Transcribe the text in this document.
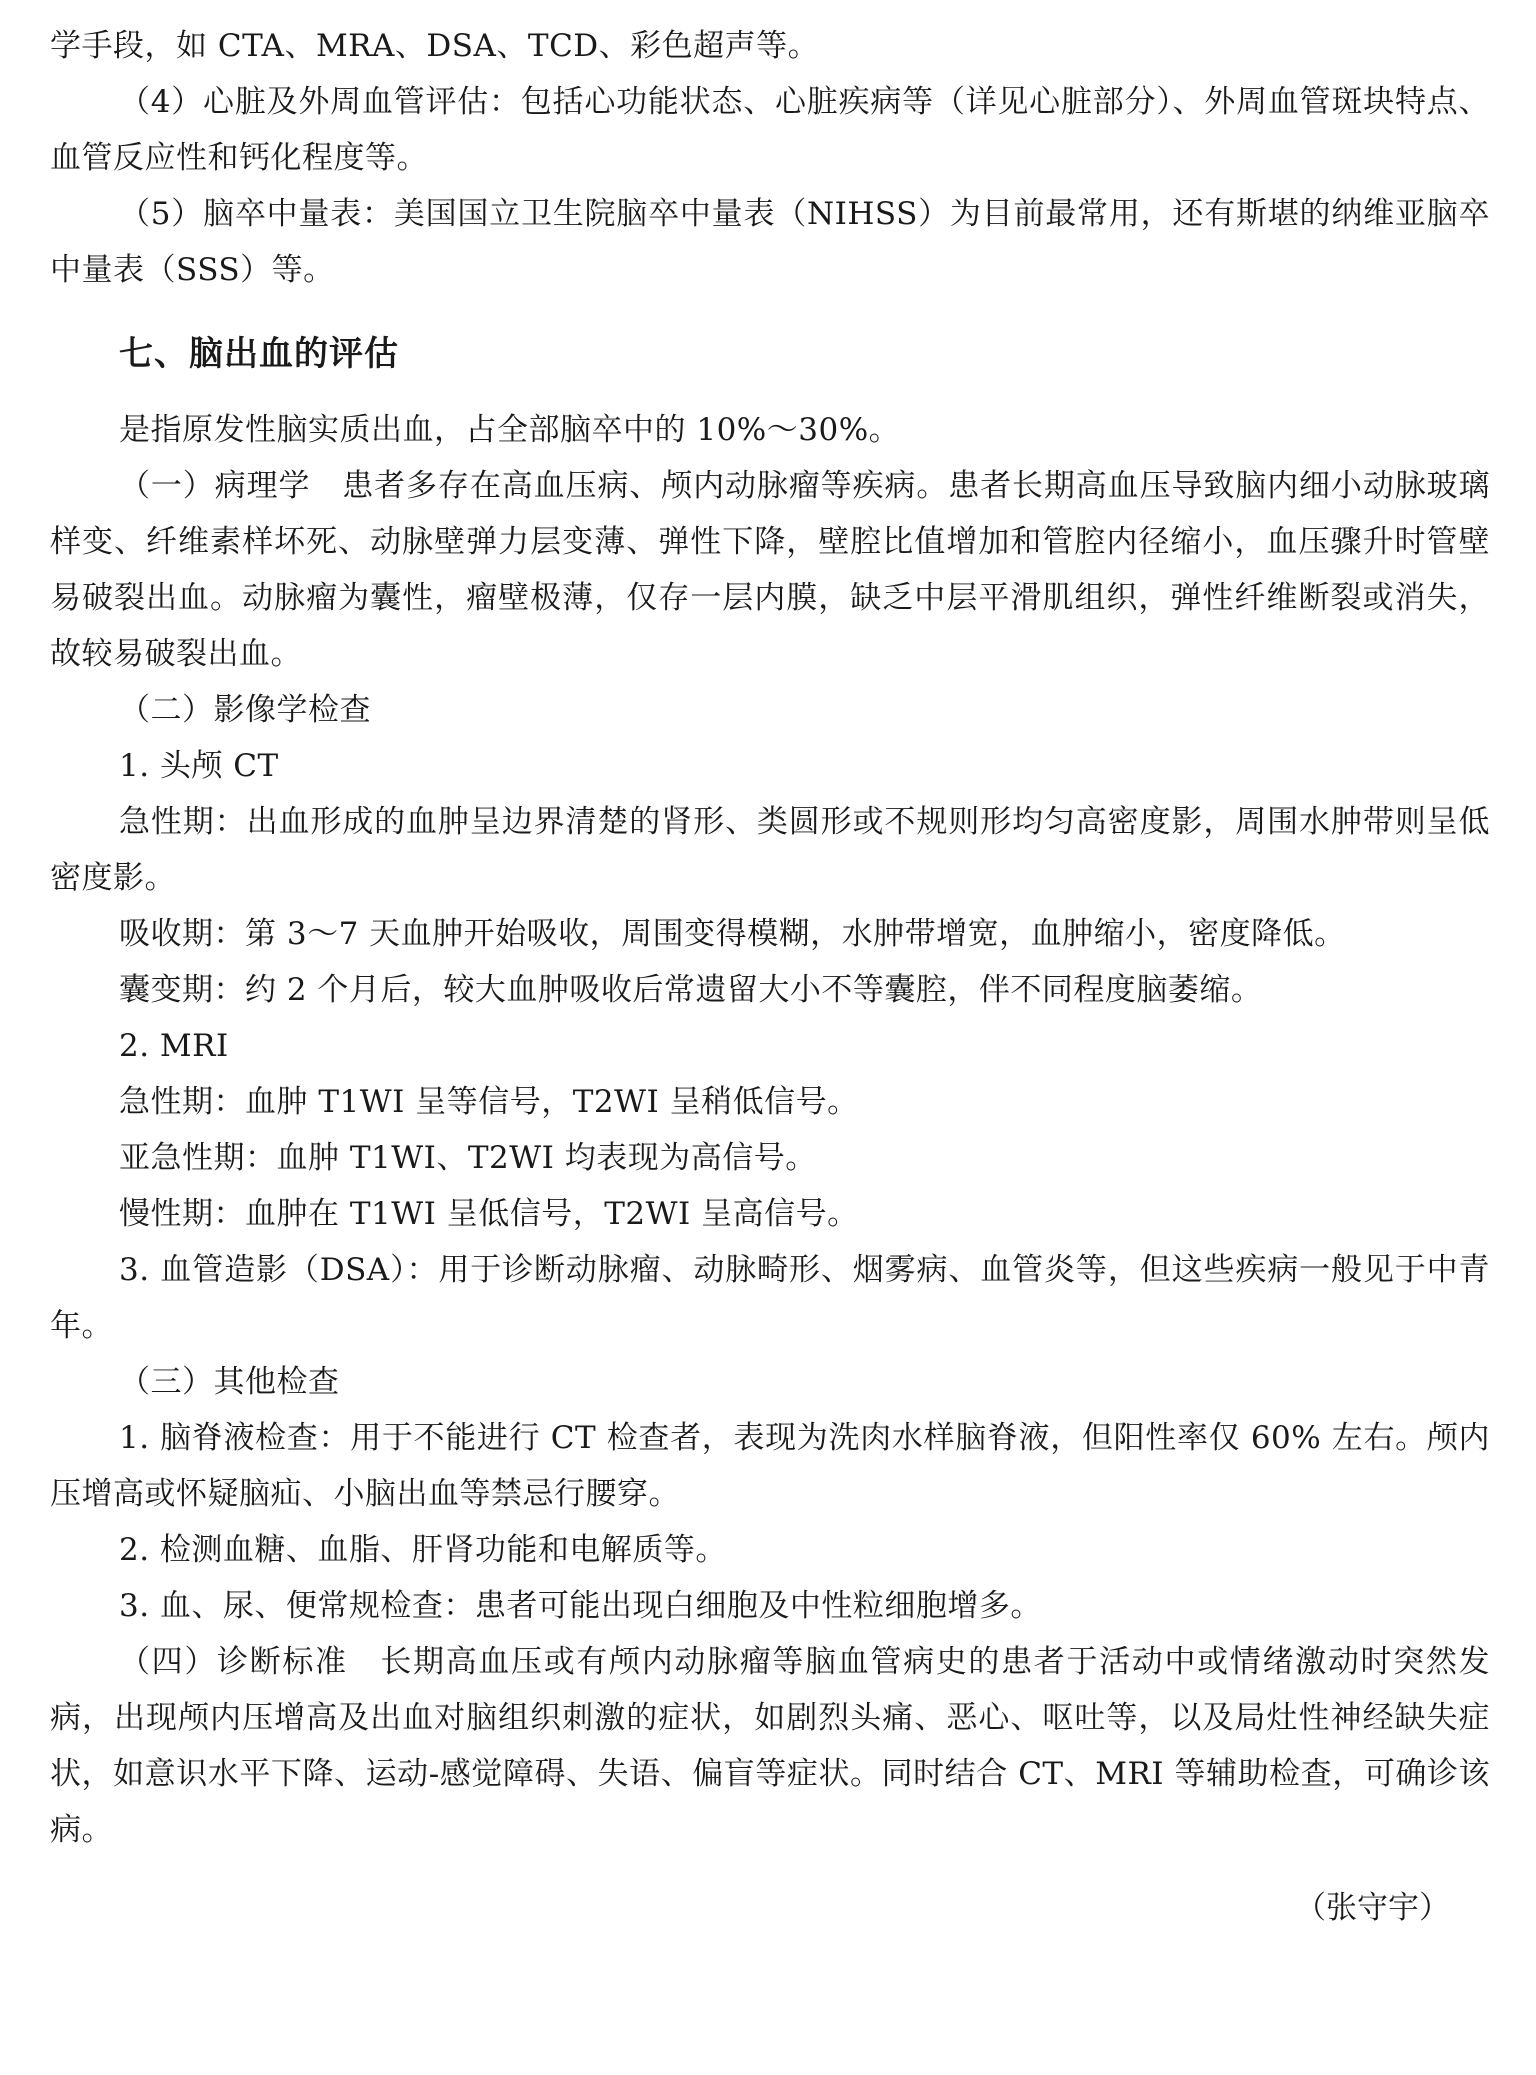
学手段，如 CTA、MRA、DSA、TCD、彩色超声等。

（4）心脏及外周血管评估：包括心功能状态、心脏疾病等（详见心脏部分）、外周血管斑块特点、血管反应性和钙化程度等。

（5）脑卒中量表：美国国立卫生院脑卒中量表（NIHSS）为目前最常用，还有斯堪的纳维亚脑卒中量表（SSS）等。

七、脑出血的评估

是指原发性脑实质出血，占全部脑卒中的 10%～30%。

（一）病理学　患者多存在高血压病、颅内动脉瘤等疾病。患者长期高血压导致脑内细小动脉玻璃样变、纤维素样坏死、动脉壁弹力层变薄、弹性下降，壁腔比值增加和管腔内径缩小，血压骤升时管壁易破裂出血。动脉瘤为囊性，瘤壁极薄，仅存一层内膜，缺乏中层平滑肌组织，弹性纤维断裂或消失，故较易破裂出血。

（二）影像学检查

1. 头颅 CT

急性期：出血形成的血肿呈边界清楚的肾形、类圆形或不规则形均匀高密度影，周围水肿带则呈低密度影。

吸收期：第 3～7 天血肿开始吸收，周围变得模糊，水肿带增宽，血肿缩小，密度降低。

囊变期：约 2 个月后，较大血肿吸收后常遗留大小不等囊腔，伴不同程度脑萎缩。

2. MRI

急性期：血肿 T1WI 呈等信号，T2WI 呈稍低信号。

亚急性期：血肿 T1WI、T2WI 均表现为高信号。

慢性期：血肿在 T1WI 呈低信号，T2WI 呈高信号。

3. 血管造影（DSA）：用于诊断动脉瘤、动脉畸形、烟雾病、血管炎等，但这些疾病一般见于中青年。

（三）其他检查

1. 脑脊液检查：用于不能进行 CT 检查者，表现为洗肉水样脑脊液，但阳性率仅 60% 左右。颅内压增高或怀疑脑疝、小脑出血等禁忌行腰穿。

2. 检测血糖、血脂、肝肾功能和电解质等。

3. 血、尿、便常规检查：患者可能出现白细胞及中性粒细胞增多。

（四）诊断标准　长期高血压或有颅内动脉瘤等脑血管病史的患者于活动中或情绪激动时突然发病，出现颅内压增高及出血对脑组织刺激的症状，如剧烈头痛、恶心、呕吐等，以及局灶性神经缺失症状，如意识水平下降、运动-感觉障碍、失语、偏盲等症状。同时结合 CT、MRI 等辅助检查，可确诊该病。

（张守宇）
